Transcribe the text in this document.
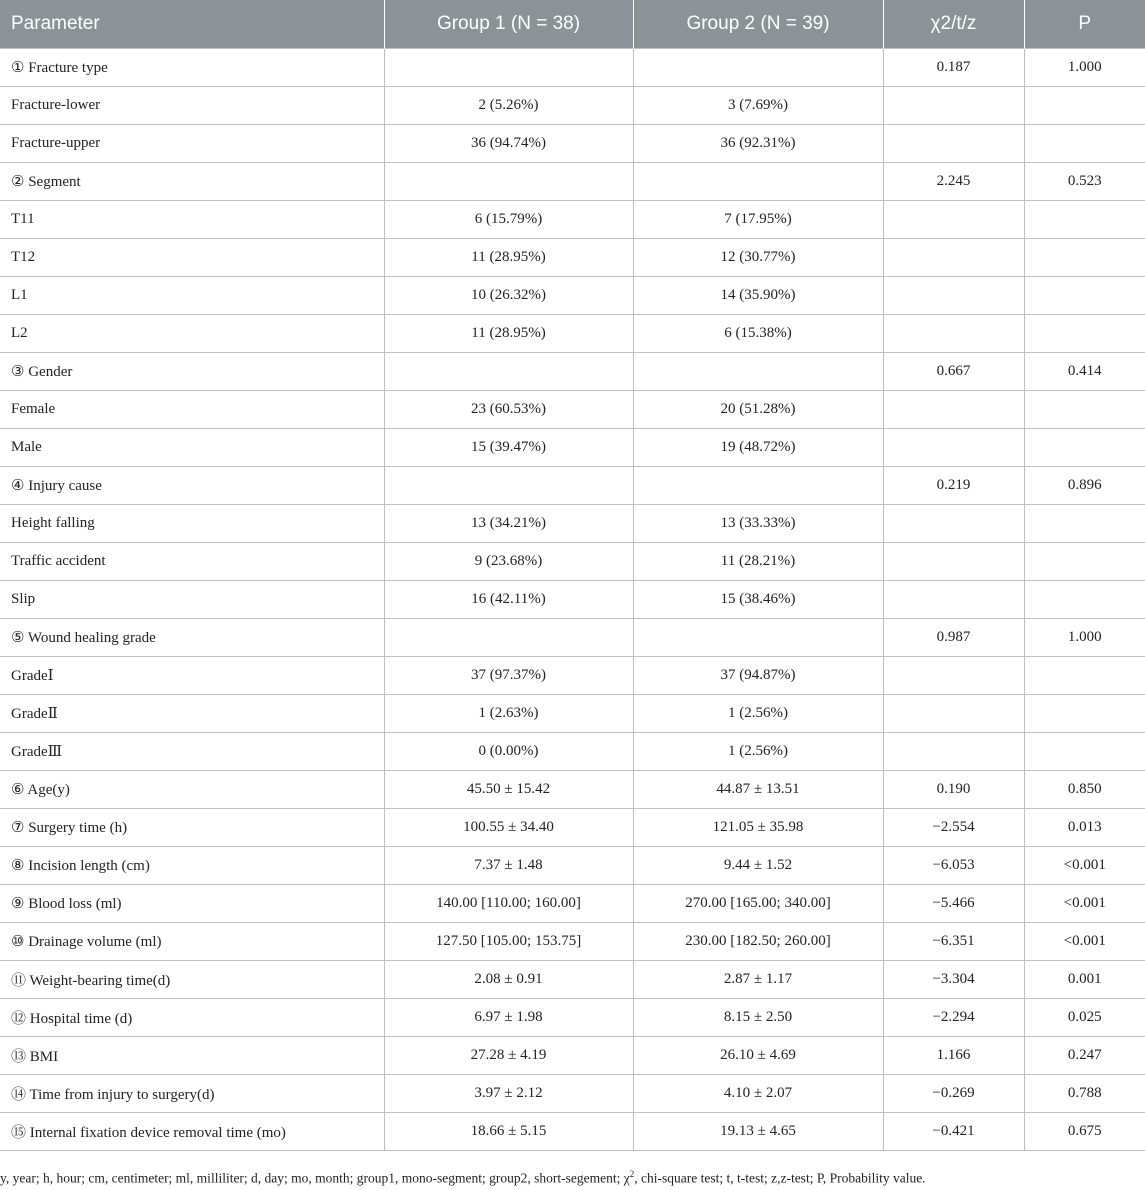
Parameter	Group 1 (N = 38)	Group 2 (N = 39)	χ2/t/z	P
① Fracture type			0.187	1.000
Fracture-lower	2 (5.26%)	3 (7.69%)		
Fracture-upper	36 (94.74%)	36 (92.31%)		
② Segment			2.245	0.523
T11	6 (15.79%)	7 (17.95%)		
T12	11 (28.95%)	12 (30.77%)		
L1	10 (26.32%)	14 (35.90%)		
L2	11 (28.95%)	6 (15.38%)		
③ Gender			0.667	0.414
Female	23 (60.53%)	20 (51.28%)		
Male	15 (39.47%)	19 (48.72%)		
④ Injury cause			0.219	0.896
Height falling	13 (34.21%)	13 (33.33%)		
Traffic accident	9 (23.68%)	11 (28.21%)		
Slip	16 (42.11%)	15 (38.46%)		
⑤ Wound healing grade			0.987	1.000
GradeⅠ	37 (97.37%)	37 (94.87%)		
GradeⅡ	1 (2.63%)	1 (2.56%)		
GradeⅢ	0 (0.00%)	1 (2.56%)		
⑥ Age(y)	45.50 ± 15.42	44.87 ± 13.51	0.190	0.850
⑦ Surgery time (h)	100.55 ± 34.40	121.05 ± 35.98	−2.554	0.013
⑧ Incision length (cm)	7.37 ± 1.48	9.44 ± 1.52	−6.053	<0.001
⑨ Blood loss (ml)	140.00 [110.00; 160.00]	270.00 [165.00; 340.00]	−5.466	<0.001
⑩ Drainage volume (ml)	127.50 [105.00; 153.75]	230.00 [182.50; 260.00]	−6.351	<0.001
⑪ Weight-bearing time(d)	2.08 ± 0.91	2.87 ± 1.17	−3.304	0.001
⑫ Hospital time (d)	6.97 ± 1.98	8.15 ± 2.50	−2.294	0.025
⑬ BMI	27.28 ± 4.19	26.10 ± 4.69	1.166	0.247
⑭ Time from injury to surgery(d)	3.97 ± 2.12	4.10 ± 2.07	−0.269	0.788
⑮ Internal fixation device removal time (mo)	18.66 ± 5.15	19.13 ± 4.65	−0.421	0.675
y, year; h, hour; cm, centimeter; ml, milliliter; d, day; mo, month; group1, mono-segment; group2, short-segement; $\chi^2$, chi-square test; t, t-test; z,z-test; P, Probability value.
